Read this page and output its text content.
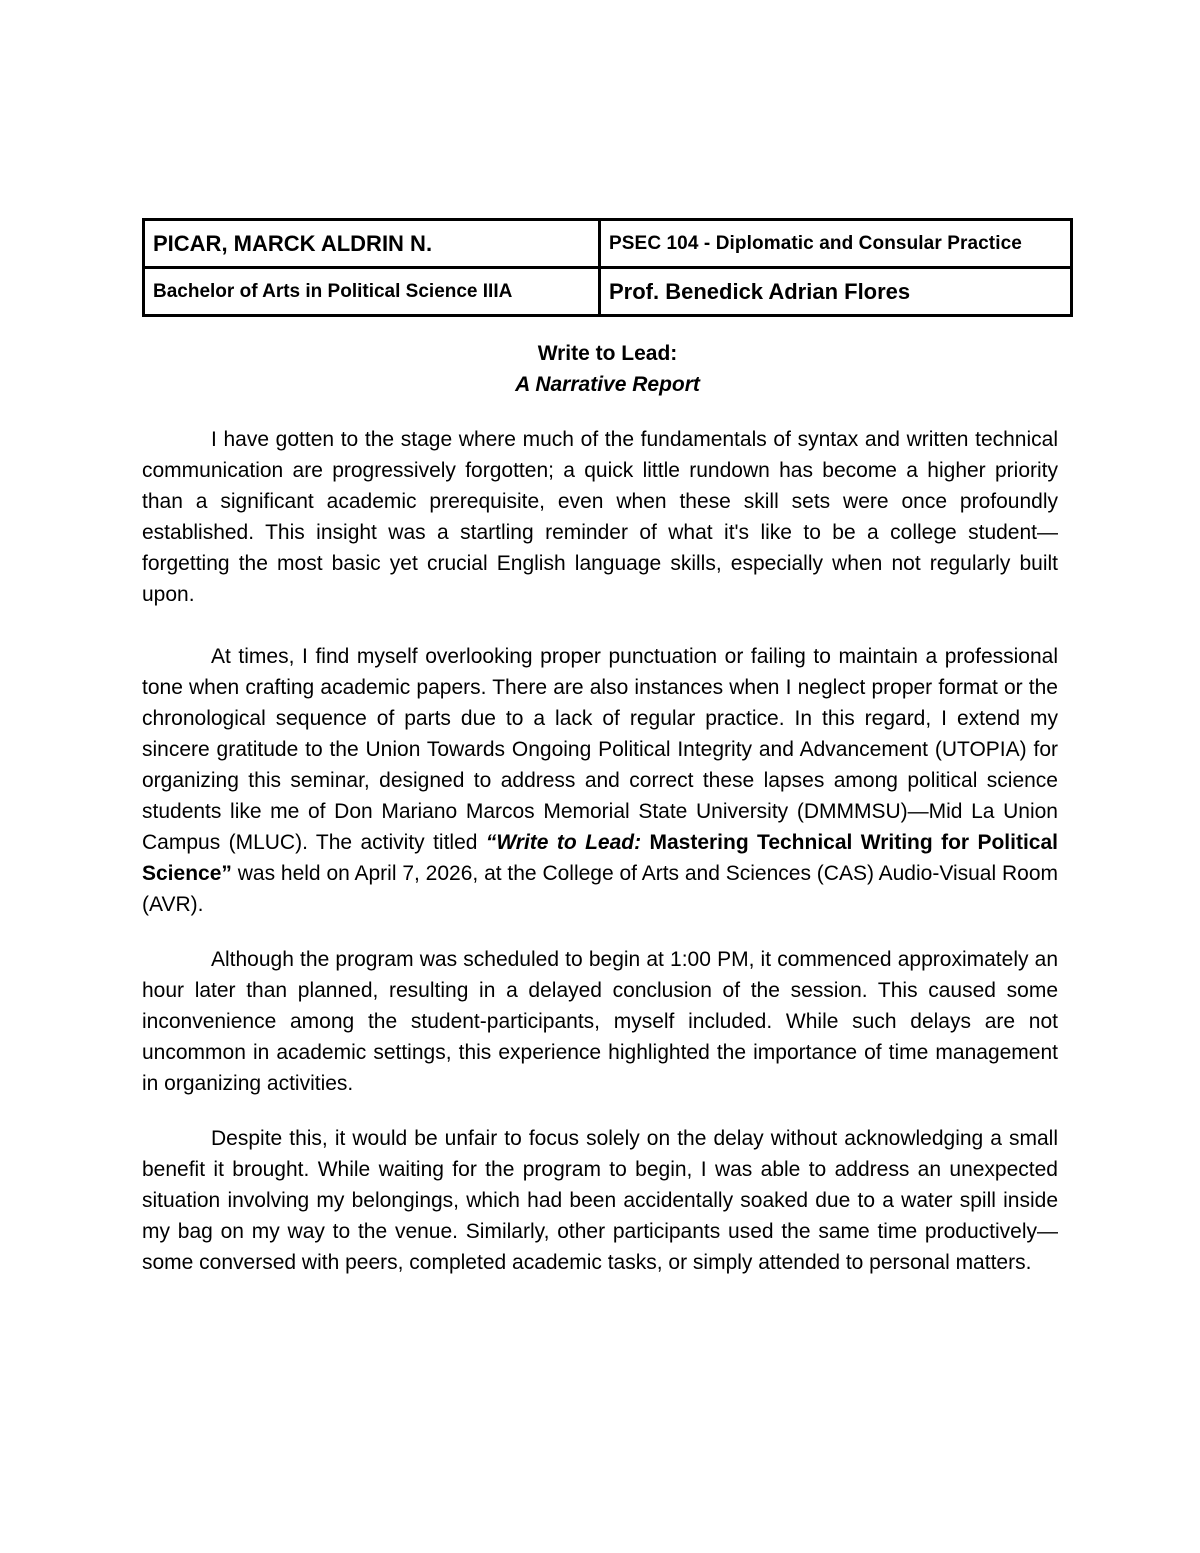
PICAR, MARCK ALDRIN N.	PSEC 104 - Diplomatic and Consular Practice
Bachelor of Arts in Political Science IIIA	Prof. Benedick Adrian Flores
Write to Lead:
A Narrative Report

I have gotten to the stage where much of the fundamentals of syntax and written technical communication are progressively forgotten; a quick little rundown has become a higher priority than a significant academic prerequisite, even when these skill sets were once profoundly established. This insight was a startling reminder of what it's like to be a college student—forgetting the most basic yet crucial English language skills, especially when not regularly built upon.

At times, I find myself overlooking proper punctuation or failing to maintain a professional tone when crafting academic papers. There are also instances when I neglect proper format or the chronological sequence of parts due to a lack of regular practice. In this regard, I extend my sincere gratitude to the Union Towards Ongoing Political Integrity and Advancement (UTOPIA) for organizing this seminar, designed to address and correct these lapses among political science students like me of Don Mariano Marcos Memorial State University (DMMMSU)—Mid La Union Campus (MLUC). The activity titled “Write to Lead: Mastering Technical Writing for Political Science” was held on April 7, 2026, at the College of Arts and Sciences (CAS) Audio-Visual Room (AVR).

Although the program was scheduled to begin at 1:00 PM, it commenced approximately an hour later than planned, resulting in a delayed conclusion of the session. This caused some inconvenience among the student-participants, myself included. While such delays are not uncommon in academic settings, this experience highlighted the importance of time management in organizing activities.

Despite this, it would be unfair to focus solely on the delay without acknowledging a small benefit it brought. While waiting for the program to begin, I was able to address an unexpected situation involving my belongings, which had been accidentally soaked due to a water spill inside my bag on my way to the venue. Similarly, other participants used the same time productively—some conversed with peers, completed academic tasks, or simply attended to personal matters.
